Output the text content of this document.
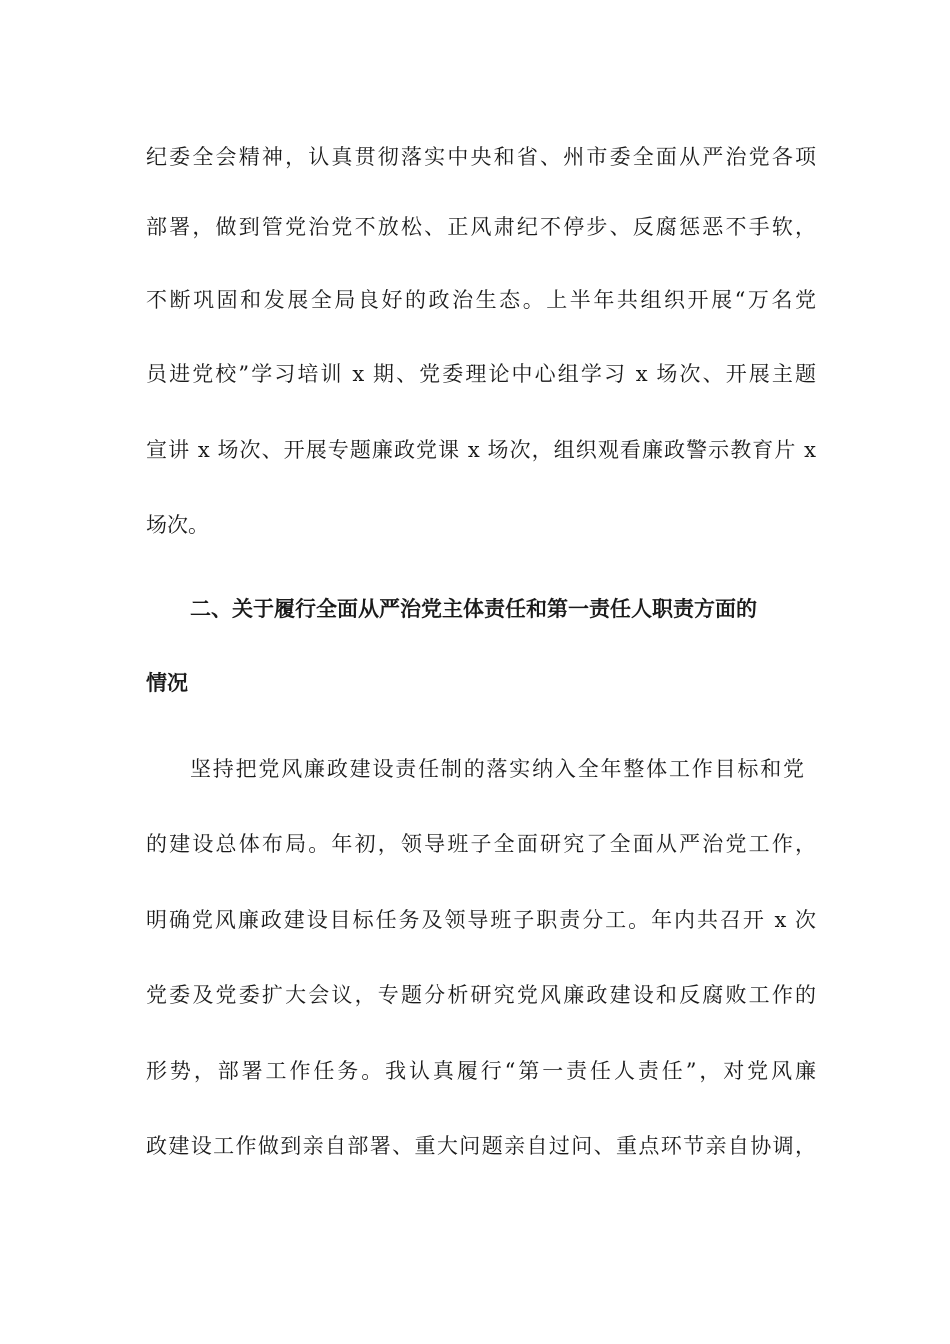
纪委全会精神，认真贯彻落实中央和省、州市委全面从严治党各项
部署，做到管党治党不放松、正风肃纪不停步、反腐惩恶不手软，
不断巩固和发展全局良好的政治生态。上半年共组织开展“万名党
员进党校”学习培训 x 期、党委理论中心组学习 x 场次、开展主题
宣讲 x 场次、开展专题廉政党课 x 场次，组织观看廉政警示教育片 x
场次。
二、关于履行全面从严治党主体责任和第一责任人职责方面的
情况
坚持把党风廉政建设责任制的落实纳入全年整体工作目标和党
的建设总体布局。年初，领导班子全面研究了全面从严治党工作，
明确党风廉政建设目标任务及领导班子职责分工。年内共召开 x 次
党委及党委扩大会议，专题分析研究党风廉政建设和反腐败工作的
形势，部署工作任务。我认真履行“第一责任人责任”，对党风廉
政建设工作做到亲自部署、重大问题亲自过问、重点环节亲自协调，
